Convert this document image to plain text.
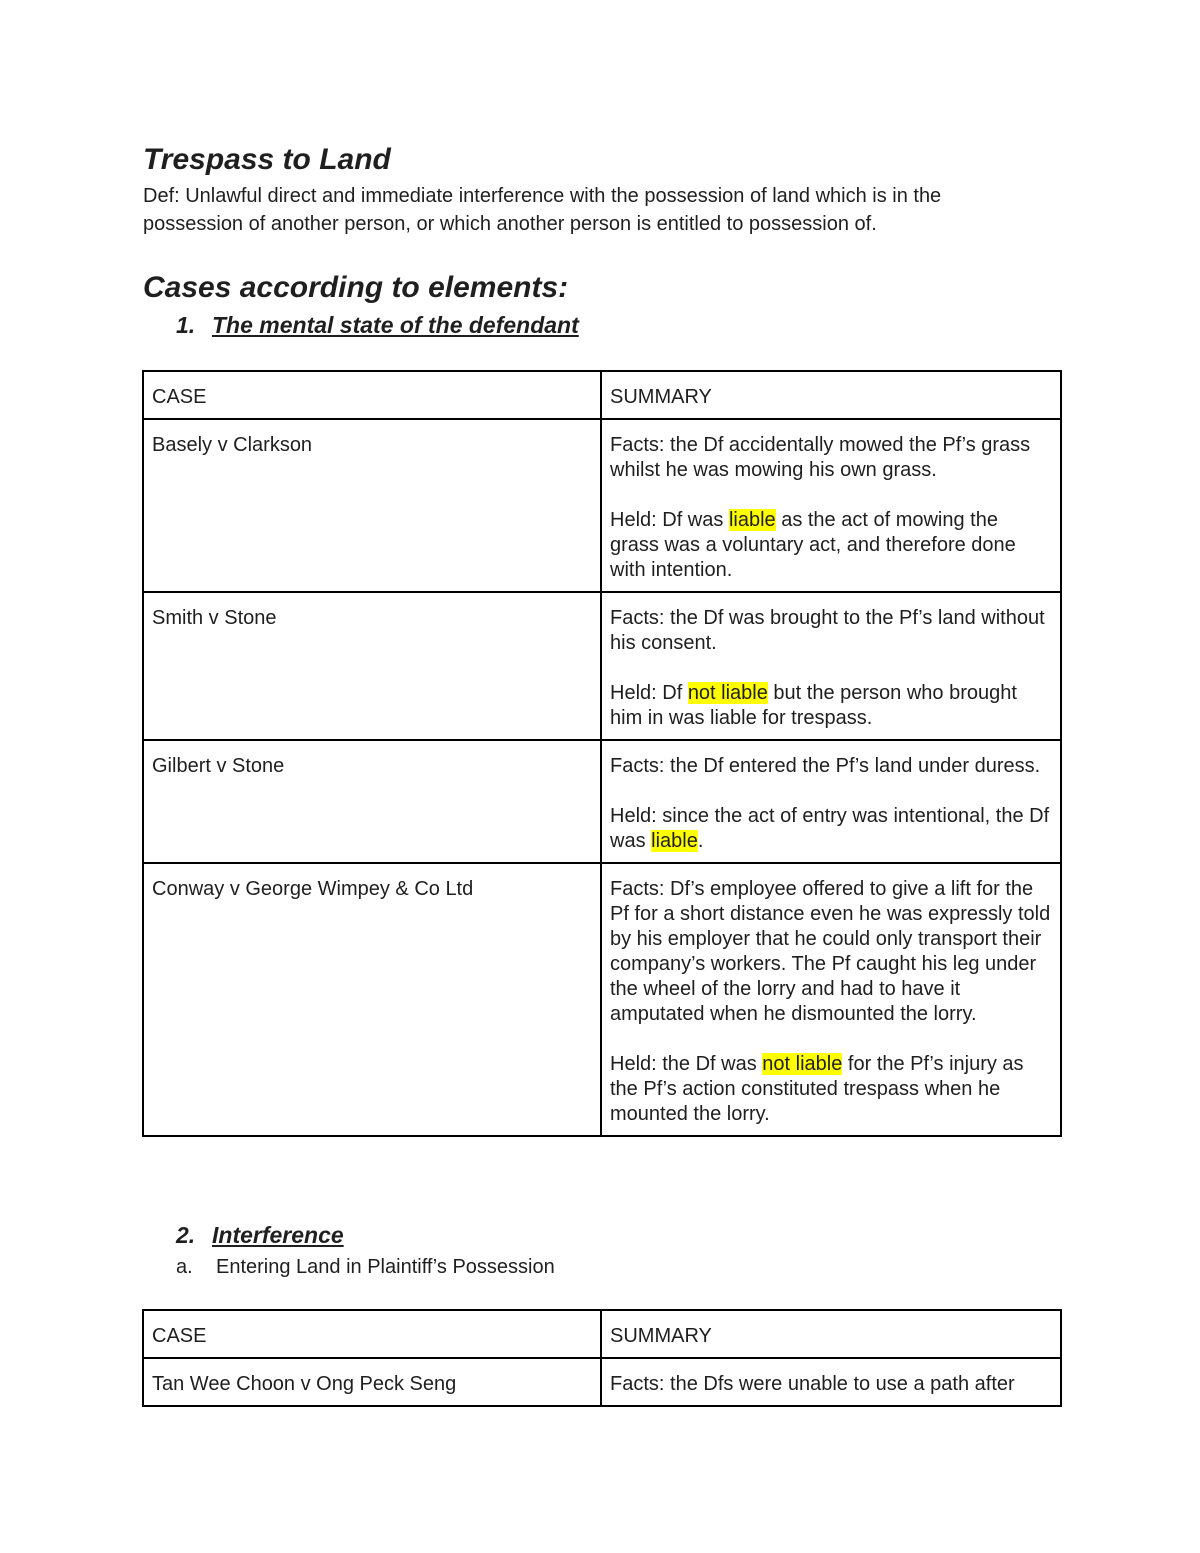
Trespass to Land

Def: Unlawful direct and immediate interference with the possession of land which is in the possession of another person, or which another person is entitled to possession of.

Cases according to elements:

1. The mental state of the defendant

CASE	SUMMARY
Basely v Clarkson	Facts: the Df accidentally mowed the Pf’s grass whilst he was mowing his own grass.

Held: Df was liable as the act of mowing the grass was a voluntary act, and therefore done with intention.

Smith v Stone	Facts: the Df was brought to the Pf’s land without his consent.

Held: Df not liable but the person who brought him in was liable for trespass.

Gilbert v Stone	Facts: the Df entered the Pf’s land under duress.

Held: since the act of entry was intentional, the Df was liable.

Conway v George Wimpey & Co Ltd	Facts: Df’s employee offered to give a lift for the Pf for a short distance even he was expressly told by his employer that he could only transport their company’s workers. The Pf caught his leg under the wheel of the lorry and had to have it amputated when he dismounted the lorry.

Held: the Df was not liable for the Pf’s injury as the Pf’s action constituted trespass when he mounted the lorry.

2. Interference

a. Entering Land in Plaintiff’s Possession

CASE	SUMMARY
Tan Wee Choon v Ong Peck Seng	Facts: the Dfs were unable to use a path after
